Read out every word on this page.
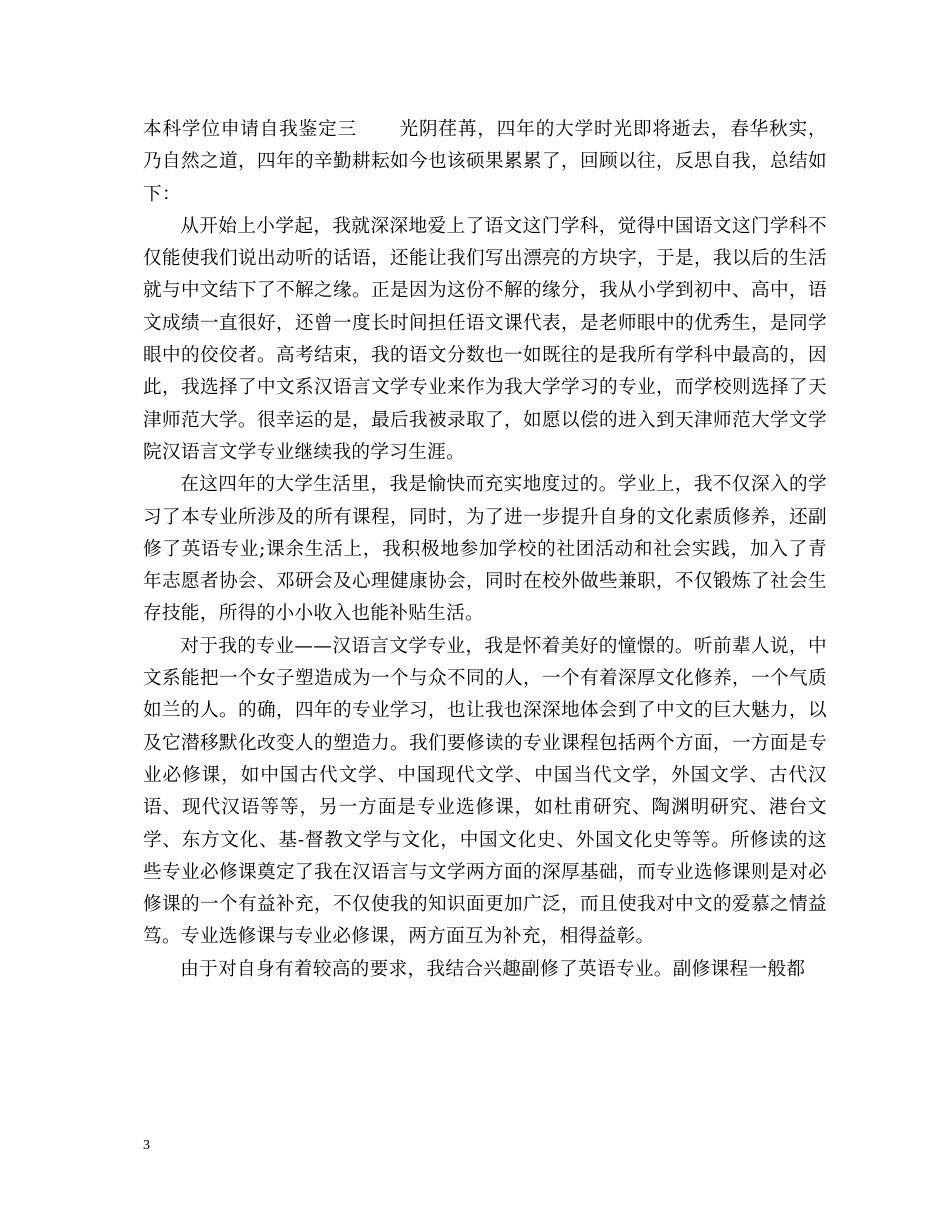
本科学位申请自我鉴定三 光阴荏苒，四年的大学时光即将逝去，春华秋实，乃自然之道，四年的辛勤耕耘如今也该硕果累累了，回顾以往，反思自我，总结如下：

从开始上小学起，我就深深地爱上了语文这门学科，觉得中国语文这门学科不仅能使我们说出动听的话语，还能让我们写出漂亮的方块字，于是，我以后的生活就与中文结下了不解之缘。正是因为这份不解的缘分，我从小学到初中、高中，语文成绩一直很好，还曾一度长时间担任语文课代表，是老师眼中的优秀生，是同学眼中的佼佼者。高考结束，我的语文分数也一如既往的是我所有学科中最高的，因此，我选择了中文系汉语言文学专业来作为我大学学习的专业，而学校则选择了天津师范大学。很幸运的是，最后我被录取了，如愿以偿的进入到天津师范大学文学院汉语言文学专业继续我的学习生涯。

在这四年的大学生活里，我是愉快而充实地度过的。学业上，我不仅深入的学习了本专业所涉及的所有课程，同时，为了进一步提升自身的文化素质修养，还副修了英语专业;课余生活上，我积极地参加学校的社团活动和社会实践，加入了青年志愿者协会、邓研会及心理健康协会，同时在校外做些兼职，不仅锻炼了社会生存技能，所得的小小收入也能补贴生活。

对于我的专业——汉语言文学专业，我是怀着美好的憧憬的。听前辈人说，中文系能把一个女子塑造成为一个与众不同的人，一个有着深厚文化修养，一个气质如兰的人。的确，四年的专业学习，也让我也深深地体会到了中文的巨大魅力，以及它潜移默化改变人的塑造力。我们要修读的专业课程包括两个方面，一方面是专业必修课，如中国古代文学、中国现代文学、中国当代文学，外国文学、古代汉语、现代汉语等等，另一方面是专业选修课，如杜甫研究、陶渊明研究、港台文学、东方文化、基-督教文学与文化，中国文化史、外国文化史等等。所修读的这些专业必修课奠定了我在汉语言与文学两方面的深厚基础，而专业选修课则是对必修课的一个有益补充，不仅使我的知识面更加广泛，而且使我对中文的爱慕之情益笃。专业选修课与专业必修课，两方面互为补充，相得益彰。

由于对自身有着较高的要求，我结合兴趣副修了英语专业。副修课程一般都

3
